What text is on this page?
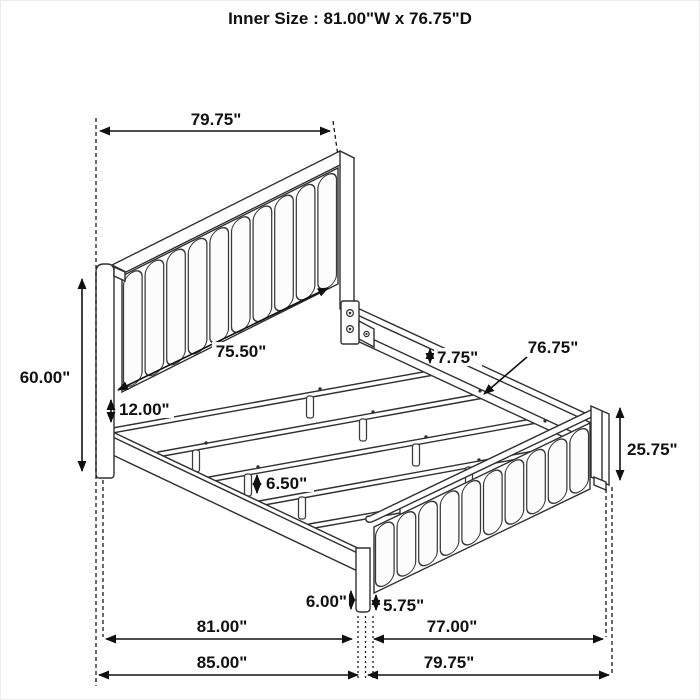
Inner Size : 81.00"W x 76.75"D
79.75"
60.00"
75.50"
12.00"
7.75"
76.75"
25.75"
6.50"
6.00" 5.75"
81.00"	77.00"
85.00"	79.75"
